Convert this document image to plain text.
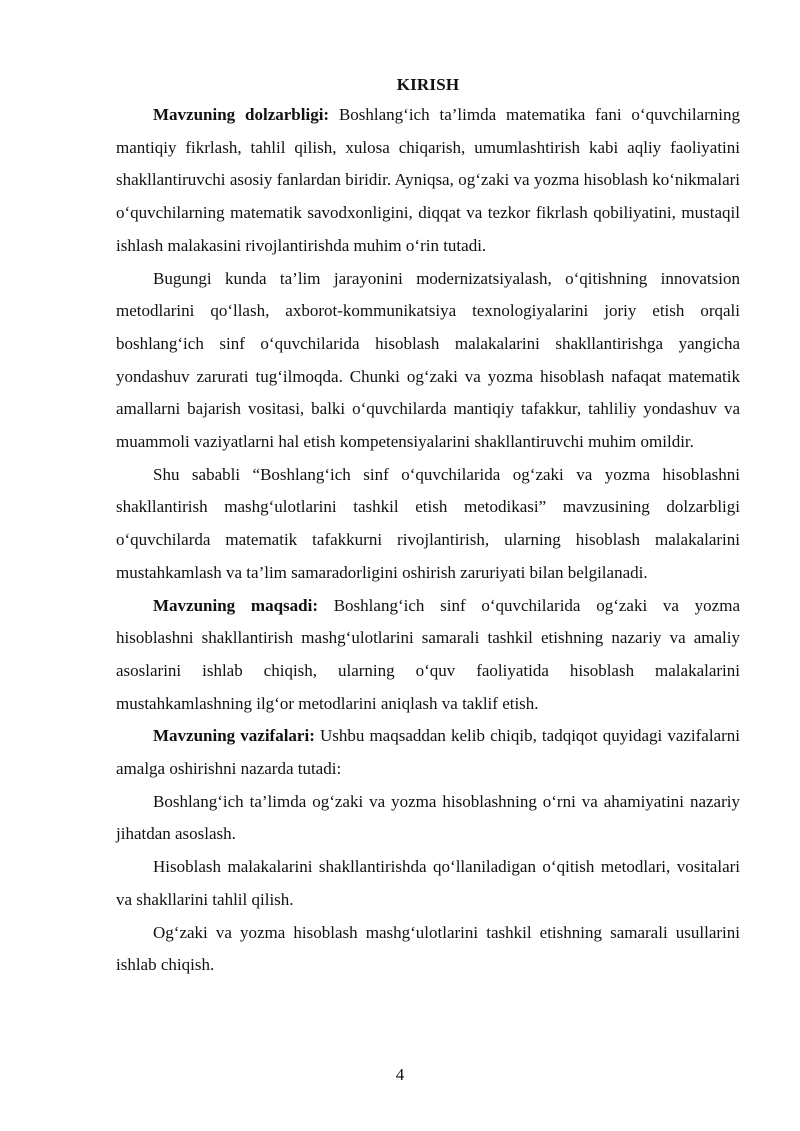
KIRISH

Mavzuning dolzarbligi: Boshlang‘ich ta’limda matematika fani o‘quvchilarning mantiqiy fikrlash, tahlil qilish, xulosa chiqarish, umumlashtirish kabi aqliy faoliyatini shakllantiruvchi asosiy fanlardan biridir. Ayniqsa, og‘zaki va yozma hisoblash ko‘nikmalari o‘quvchilarning matematik savodxonligini, diqqat va tezkor fikrlash qobiliyatini, mustaqil ishlash malakasini rivojlantirishda muhim o‘rin tutadi.

Bugungi kunda ta’lim jarayonini modernizatsiyalash, o‘qitishning innovatsion metodlarini qo‘llash, axborot-kommunikatsiya texnologiyalarini joriy etish orqali boshlang‘ich sinf o‘quvchilarida hisoblash malakalarini shakllantirishga yangicha yondashuv zarurati tug‘ilmoqda. Chunki og‘zaki va yozma hisoblash nafaqat matematik amallarni bajarish vositasi, balki o‘quvchilarda mantiqiy tafakkur, tahliliy yondashuv va muammoli vaziyatlarni hal etish kompetensiyalarini shakllantiruvchi muhim omildir.

Shu sababli “Boshlang‘ich sinf o‘quvchilarida og‘zaki va yozma hisoblashni shakllantirish mashg‘ulotlarini tashkil etish metodikasi” mavzusining dolzarbligi o‘quvchilarda matematik tafakkurni rivojlantirish, ularning hisoblash malakalarini mustahkamlash va ta’lim samaradorligini oshirish zaruriyati bilan belgilanadi.

Mavzuning maqsadi: Boshlang‘ich sinf o‘quvchilarida og‘zaki va yozma hisoblashni shakllantirish mashg‘ulotlarini samarali tashkil etishning nazariy va amaliy asoslarini ishlab chiqish, ularning o‘quv faoliyatida hisoblash malakalarini mustahkamlashning ilg‘or metodlarini aniqlash va taklif etish.

Mavzuning vazifalari: Ushbu maqsaddan kelib chiqib, tadqiqot quyidagi vazifalarni amalga oshirishni nazarda tutadi:

Boshlang‘ich ta’limda og‘zaki va yozma hisoblashning o‘rni va ahamiyatini nazariy jihatdan asoslash.

Hisoblash malakalarini shakllantirishda qo‘llaniladigan o‘qitish metodlari, vositalari va shakllarini tahlil qilish.

Og‘zaki va yozma hisoblash mashg‘ulotlarini tashkil etishning samarali usullarini ishlab chiqish.

4
